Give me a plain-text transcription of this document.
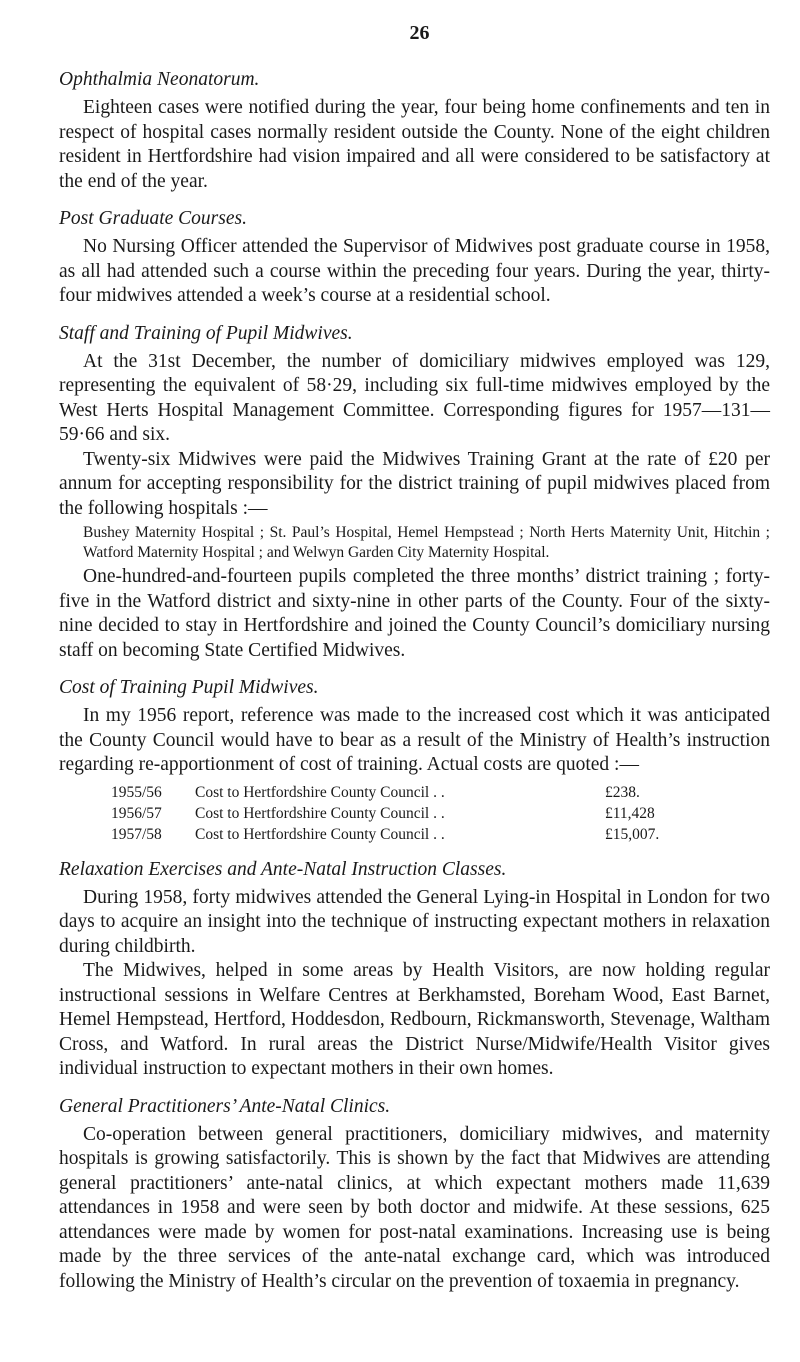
26
Ophthalmia Neonatorum.

Eighteen cases were notified during the year, four being home confinements and ten in respect of hospital cases normally resident outside the County. None of the eight children resident in Hertfordshire had vision impaired and all were considered to be satisfactory at the end of the year.

Post Graduate Courses.

No Nursing Officer attended the Supervisor of Midwives post graduate course in 1958, as all had attended such a course within the preceding four years. During the year, thirty-four midwives attended a week’s course at a residential school.

Staff and Training of Pupil Midwives.

At the 31st December, the number of domiciliary midwives employed was 129, representing the equivalent of 58·29, including six full-time midwives employed by the West Herts Hospital Management Committee. Corresponding figures for 1957—131—59·66 and six.

Twenty-six Midwives were paid the Midwives Training Grant at the rate of £20 per annum for accepting responsibility for the district training of pupil midwives placed from the following hospitals :—

Bushey Maternity Hospital ; St. Paul’s Hospital, Hemel Hempstead ; North Herts Maternity Unit, Hitchin ; Watford Maternity Hospital ; and Welwyn Garden City Maternity Hospital.

One-hundred-and-fourteen pupils completed the three months’ district training ; forty-five in the Watford district and sixty-nine in other parts of the County. Four of the sixty-nine decided to stay in Hertfordshire and joined the County Council’s domiciliary nursing staff on becoming State Certified Midwives.

Cost of Training Pupil Midwives.

In my 1956 report, reference was made to the increased cost which it was anticipated the County Council would have to bear as a result of the Ministry of Health’s instruction regarding re-apportionment of cost of training. Actual costs are quoted :—

1955/56	Cost to Hertfordshire County Council . .	£238.
1956/57	Cost to Hertfordshire County Council . .	£11,428
1957/58	Cost to Hertfordshire County Council . .	£15,007.
Relaxation Exercises and Ante-Natal Instruction Classes.

During 1958, forty midwives attended the General Lying-in Hospital in London for two days to acquire an insight into the technique of instructing expectant mothers in relaxation during childbirth.

The Midwives, helped in some areas by Health Visitors, are now holding regular instructional sessions in Welfare Centres at Berkhamsted, Boreham Wood, East Barnet, Hemel Hempstead, Hertford, Hoddesdon, Redbourn, Rickmansworth, Stevenage, Waltham Cross, and Watford. In rural areas the District Nurse/Midwife/Health Visitor gives individual instruction to expectant mothers in their own homes.

General Practitioners’ Ante-Natal Clinics.

Co-operation between general practitioners, domiciliary midwives, and maternity hospitals is growing satisfactorily. This is shown by the fact that Midwives are attending general practitioners’ ante-natal clinics, at which expectant mothers made 11,639 attendances in 1958 and were seen by both doctor and midwife. At these sessions, 625 attendances were made by women for post-natal examinations. Increasing use is being made by the three services of the ante-natal exchange card, which was introduced following the Ministry of Health’s circular on the prevention of toxaemia in pregnancy.
